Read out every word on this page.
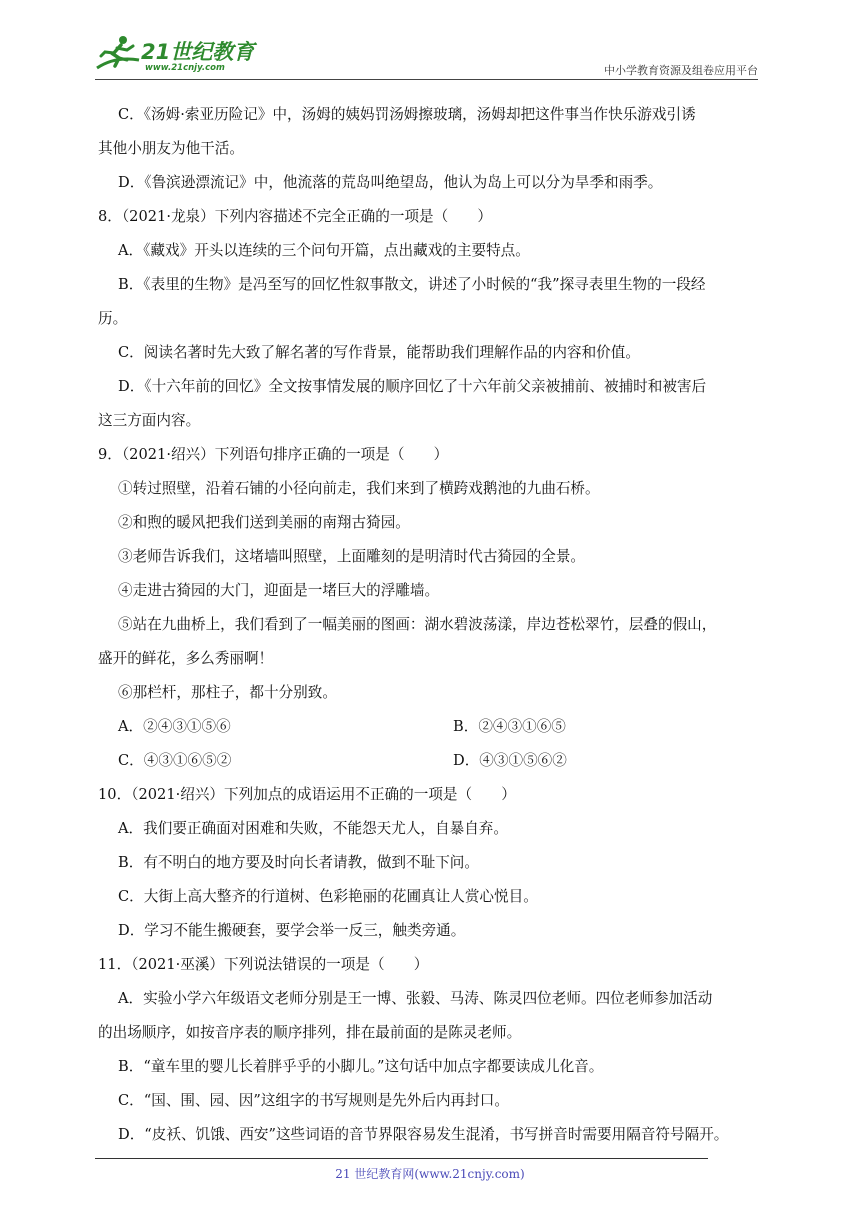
21世纪教育
www.21cnjy.com	中小学教育资源及组卷应用平台
C．《汤姆·索亚历险记》中，汤姆的姨妈罚汤姆擦玻璃，汤姆却把这件事当作快乐游戏引诱
其他小朋友为他干活。
D．《鲁滨逊漂流记》中，他流落的荒岛叫绝望岛，他认为岛上可以分为旱季和雨季。
8．（2021·龙泉）下列内容描述不完全正确的一项是（　　）
A．《藏戏》开头以连续的三个问句开篇，点出藏戏的主要特点。
B．《表里的生物》是冯至写的回忆性叙事散文，讲述了小时候的“我”探寻表里生物的一段经
历。
C．阅读名著时先大致了解名著的写作背景，能帮助我们理解作品的内容和价值。
D．《十六年前的回忆》全文按事情发展的顺序回忆了十六年前父亲被捕前、被捕时和被害后
这三方面内容。
9．（2021·绍兴）下列语句排序正确的一项是（　　）
①转过照壁，沿着石铺的小径向前走，我们来到了横跨戏鹅池的九曲石桥。
②和煦的暖风把我们送到美丽的南翔古猗园。
③老师告诉我们，这堵墙叫照壁，上面雕刻的是明清时代古猗园的全景。
④走进古猗园的大门，迎面是一堵巨大的浮雕墙。
⑤站在九曲桥上，我们看到了一幅美丽的图画：湖水碧波荡漾，岸边苍松翠竹，层叠的假山，
盛开的鲜花，多么秀丽啊！
⑥那栏杆，那柱子，都十分别致。
A．②④③①⑤⑥	B．②④③①⑥⑤
C．④③①⑥⑤②	D．④③①⑤⑥②
10．（2021·绍兴）下列加点的成语运用不正确的一项是（　　）
A．我们要正确面对困难和失败，不能怨天尤人，自暴自弃。
B．有不明白的地方要及时向长者请教，做到不耻下问。
C．大街上高大整齐的行道树、色彩艳丽的花圃真让人赏心悦目。
D．学习不能生搬硬套，要学会举一反三，触类旁通。
11．（2021·巫溪）下列说法错误的一项是（　　）
A．实验小学六年级语文老师分别是王一博、张毅、马涛、陈灵四位老师。四位老师参加活动
的出场顺序，如按音序表的顺序排列，排在最前面的是陈灵老师。
B．“童车里的婴儿长着胖乎乎的小脚儿。”这句话中加点字都要读成儿化音。
C．“国、围、园、因”这组字的书写规则是先外后内再封口。
D．“皮袄、饥饿、西安”这些词语的音节界限容易发生混淆，书写拼音时需要用隔音符号隔开。
21 世纪教育网(www.21cnjy.com)
